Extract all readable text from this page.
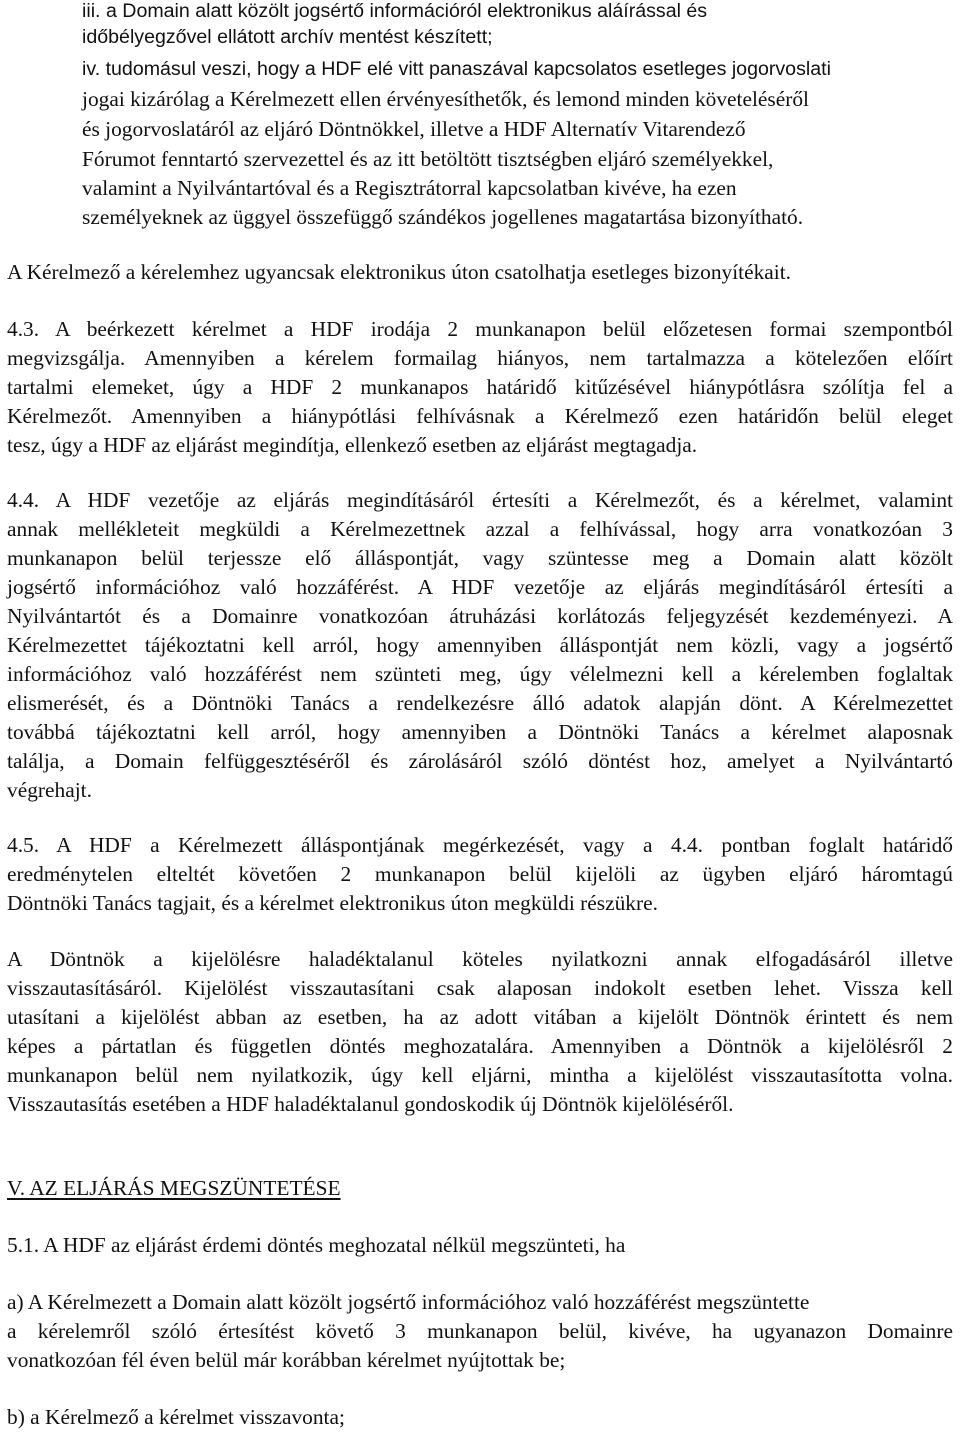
iii. a Domain alatt közölt jogsértő információról elektronikus aláírással és

időbélyegzővel ellátott archív mentést készített;

iv. tudomásul veszi, hogy a HDF elé vitt panaszával kapcsolatos esetleges jogorvoslati

jogai kizárólag a Kérelmezett ellen érvényesíthetők, és lemond minden követeléséről

és jogorvoslatáról az eljáró Döntnökkel, illetve a HDF Alternatív Vitarendező

Fórumot fenntartó szervezettel és az itt betöltött tisztségben eljáró személyekkel,

valamint a Nyilvántartóval és a Regisztrátorral kapcsolatban kivéve, ha ezen

személyeknek az üggyel összefüggő szándékos jogellenes magatartása bizonyítható.

A Kérelmező a kérelemhez ugyancsak elektronikus úton csatolhatja esetleges bizonyítékait.

4.3. A beérkezett kérelmet a HDF irodája 2 munkanapon belül előzetesen formai szempontból

megvizsgálja. Amennyiben a kérelem formailag hiányos, nem tartalmazza a kötelezően előírt

tartalmi elemeket, úgy a HDF 2 munkanapos határidő kitűzésével hiánypótlásra szólítja fel a

Kérelmezőt. Amennyiben a hiánypótlási felhívásnak a Kérelmező ezen határidőn belül eleget

tesz, úgy a HDF az eljárást megindítja, ellenkező esetben az eljárást megtagadja.

4.4. A HDF vezetője az eljárás megindításáról értesíti a Kérelmezőt, és a kérelmet, valamint

annak mellékleteit megküldi a Kérelmezettnek azzal a felhívással, hogy arra vonatkozóan 3

munkanapon belül terjessze elő álláspontját, vagy szüntesse meg a Domain alatt közölt

jogsértő információhoz való hozzáférést. A HDF vezetője az eljárás megindításáról értesíti a

Nyilvántartót és a Domainre vonatkozóan átruházási korlátozás feljegyzését kezdeményezi. A

Kérelmezettet tájékoztatni kell arról, hogy amennyiben álláspontját nem közli, vagy a jogsértő

információhoz való hozzáférést nem szünteti meg, úgy vélelmezni kell a kérelemben foglaltak

elismerését, és a Döntnöki Tanács a rendelkezésre álló adatok alapján dönt. A Kérelmezettet

továbbá tájékoztatni kell arról, hogy amennyiben a Döntnöki Tanács a kérelmet alaposnak

találja, a Domain felfüggesztéséről és zárolásáról szóló döntést hoz, amelyet a Nyilvántartó

végrehajt.

4.5. A HDF a Kérelmezett álláspontjának megérkezését, vagy a 4.4. pontban foglalt határidő

eredménytelen elteltét követően 2 munkanapon belül kijelöli az ügyben eljáró háromtagú

Döntnöki Tanács tagjait, és a kérelmet elektronikus úton megküldi részükre.

A Döntnök a kijelölésre haladéktalanul köteles nyilatkozni annak elfogadásáról illetve

visszautasításáról. Kijelölést visszautasítani csak alaposan indokolt esetben lehet. Vissza kell

utasítani a kijelölést abban az esetben, ha az adott vitában a kijelölt Döntnök érintett és nem

képes a pártatlan és független döntés meghozatalára. Amennyiben a Döntnök a kijelölésről 2

munkanapon belül nem nyilatkozik, úgy kell eljárni, mintha a kijelölést visszautasította volna.

Visszautasítás esetében a HDF haladéktalanul gondoskodik új Döntnök kijelöléséről.

V. AZ ELJÁRÁS MEGSZÜNTETÉSE

5.1. A HDF az eljárást érdemi döntés meghozatal nélkül megszünteti, ha

a) A Kérelmezett a Domain alatt közölt jogsértő információhoz való hozzáférést megszüntette

a kérelemről szóló értesítést követő 3 munkanapon belül, kivéve, ha ugyanazon Domainre

vonatkozóan fél éven belül már korábban kérelmet nyújtottak be;

b) a Kérelmező a kérelmet visszavonta;
